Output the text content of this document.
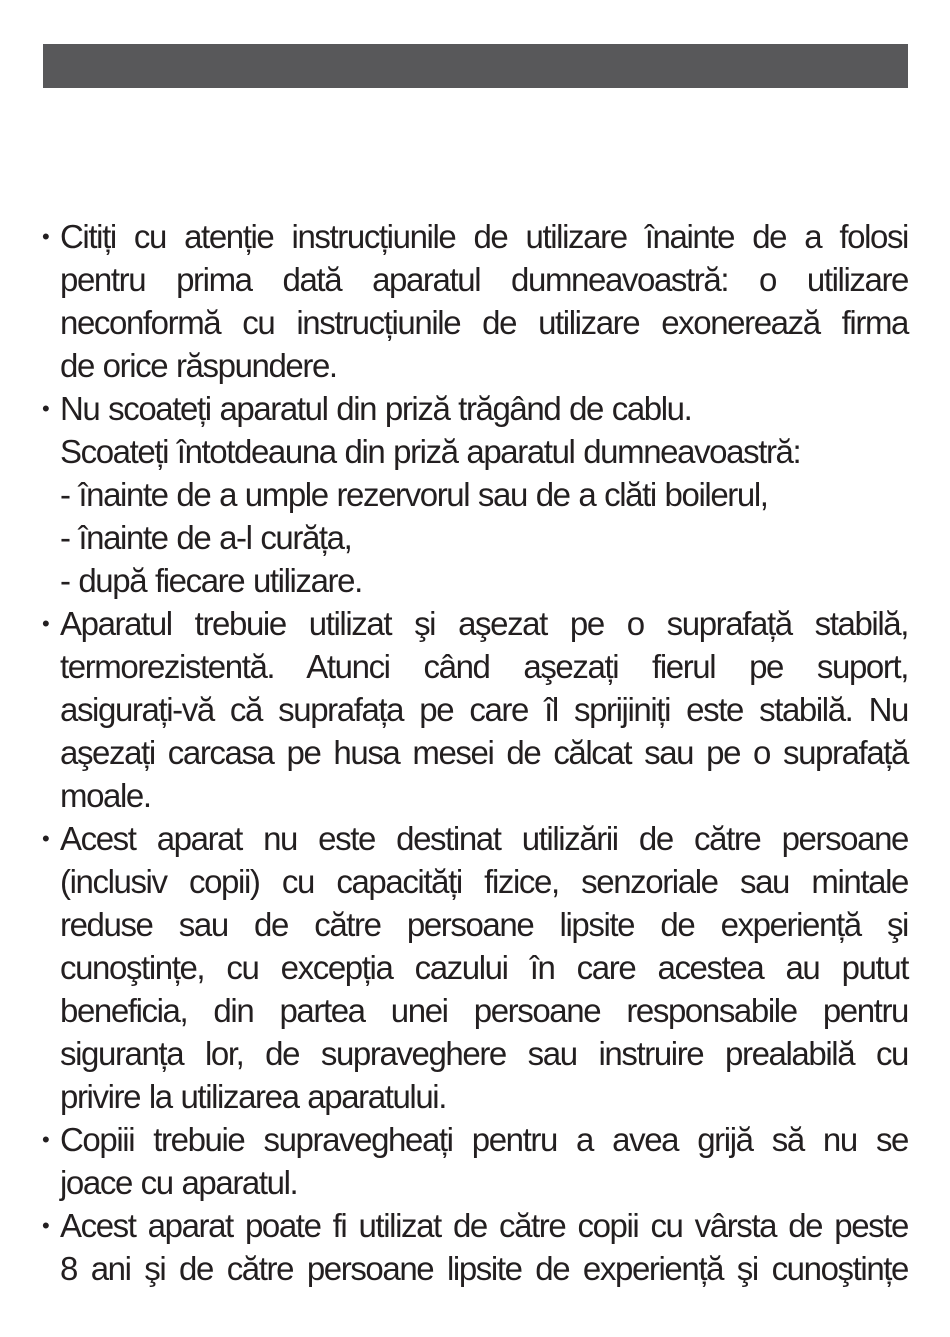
• Citiți cu atenție instrucțiunile de utilizare înainte de a folosi
pentru prima dată aparatul dumneavoastră: o utilizare
neconformă cu instrucțiunile de utilizare exonerează firma
de orice răspundere.
• Nu scoateți aparatul din priză trăgând de cablu.
Scoateți întotdeauna din priză aparatul dumneavoastră:
- înainte de a umple rezervorul sau de a clăti boilerul,
- înainte de a-l curăța,
- după fiecare utilizare.
• Aparatul trebuie utilizat şi aşezat pe o suprafață stabilă,
termorezistentă. Atunci când aşezați fierul pe suport,
asigurați-vă că suprafața pe care îl sprijiniți este stabilă. Nu
aşezați carcasa pe husa mesei de călcat sau pe o suprafață
moale.
• Acest aparat nu este destinat utilizării de către persoane
(inclusiv copii) cu capacități fizice, senzoriale sau mintale
reduse sau de către persoane lipsite de experiență şi
cunoştințe, cu excepția cazului în care acestea au putut
beneficia, din partea unei persoane responsabile pentru
siguranța lor, de supraveghere sau instruire prealabilă cu
privire la utilizarea aparatului.
• Copiii trebuie supravegheați pentru a avea grijă să nu se
joace cu aparatul.
• Acest aparat poate fi utilizat de către copii cu vârsta de peste
8 ani şi de către persoane lipsite de experiență şi cunoştințe
